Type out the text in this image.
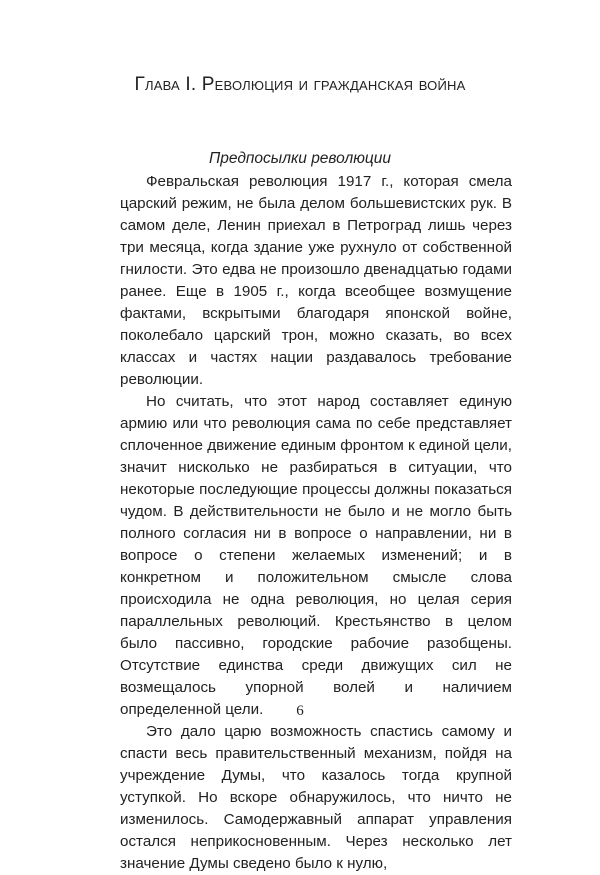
Глава I. Революция и гражданская война
Предпосылки революции

Февральская революция 1917 г., которая смела царский режим, не была делом большевистских рук. В самом деле, Ленин приехал в Петроград лишь через три месяца, когда здание уже рухнуло от собственной гнилости. Это едва не произошло двенадцатью годами ранее. Еще в 1905 г., когда всеобщее возмущение фактами, вскрытыми благодаря японской войне, поколебало царский трон, можно сказать, во всех классах и частях нации раздавалось требование революции.

Но считать, что этот народ составляет единую армию или что революция сама по себе представляет сплоченное движение единым фронтом к единой цели, значит нисколько не разбираться в ситуации, что некоторые последующие процессы должны показаться чудом. В действительности не было и не могло быть полного согласия ни в вопросе о направлении, ни в вопросе о степени желаемых изменений; и в конкретном и положительном смысле слова происходила не одна революция, но целая серия параллельных революций. Крестьянство в целом было пассивно, городские рабочие разобщены. Отсутствие единства среди движущих сил не возмещалось упорной волей и наличием определенной цели.

Это дало царю возможность спастись самому и спасти весь правительственный механизм, пойдя на учреждение Думы, что казалось тогда крупной уступкой. Но вскоре обнаружилось, что ничто не изменилось. Самодержавный аппарат управления остался неприкосновенным. Через несколько лет значение Думы сведено было к нулю,

6
